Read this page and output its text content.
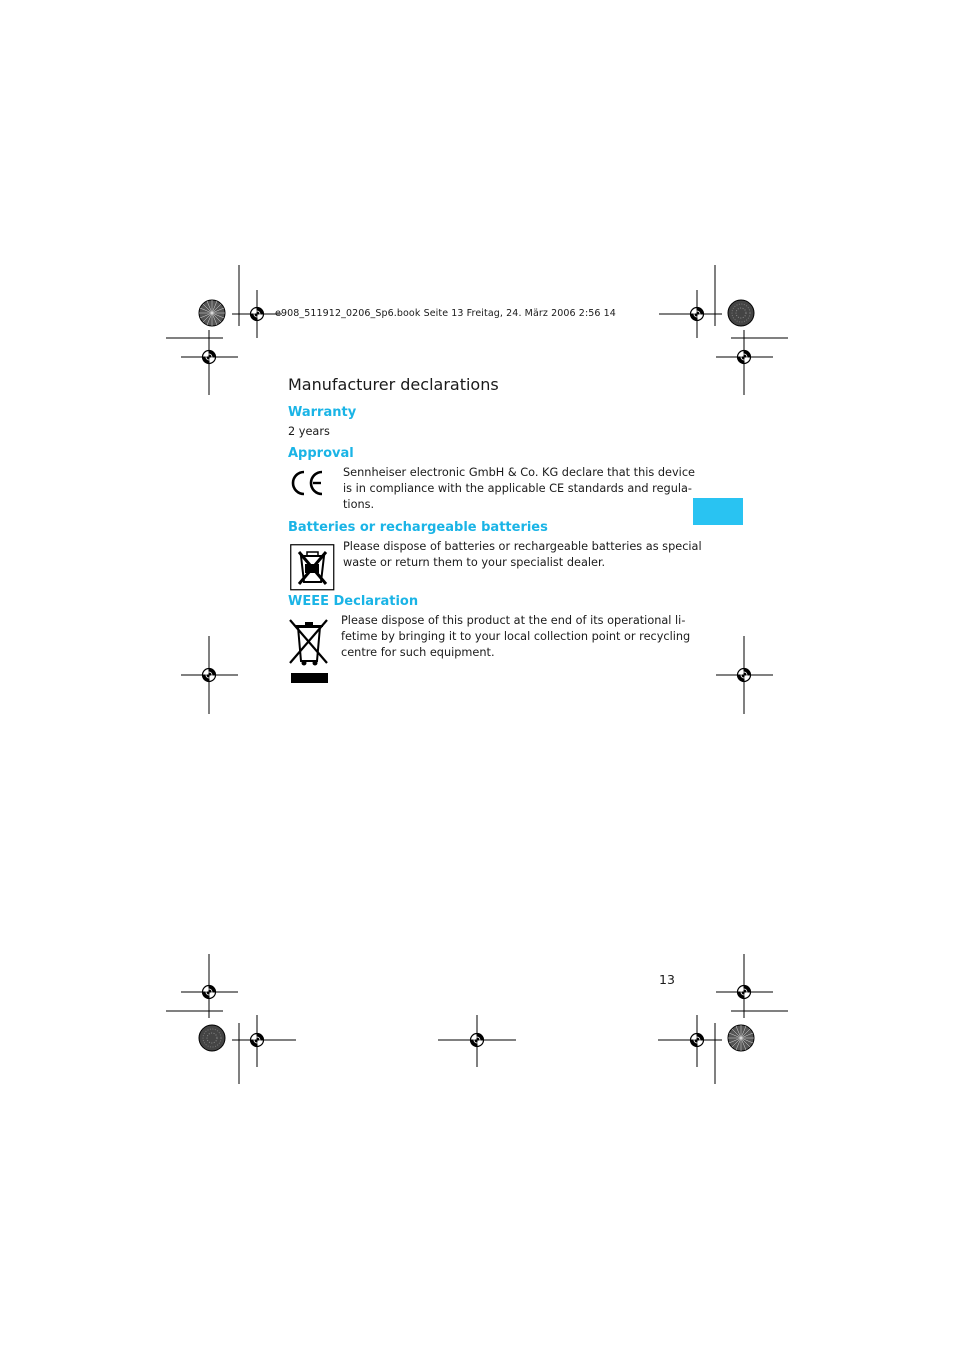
e908_511912_0206_Sp6.book Seite 13 Freitag, 24. März 2006 2:56 14
Manufacturer declarations
Warranty
2 years
Approval
Sennheiser electronic GmbH & Co. KG declare that this device
is in compliance with the applicable CE standards and regula-
tions.
Batteries or rechargeable batteries
Please dispose of batteries or rechargeable batteries as special
waste or return them to your specialist dealer.
WEEE Declaration
Please dispose of this product at the end of its operational li-
fetime by bringing it to your local collection point or recycling
centre for such equipment.
13
